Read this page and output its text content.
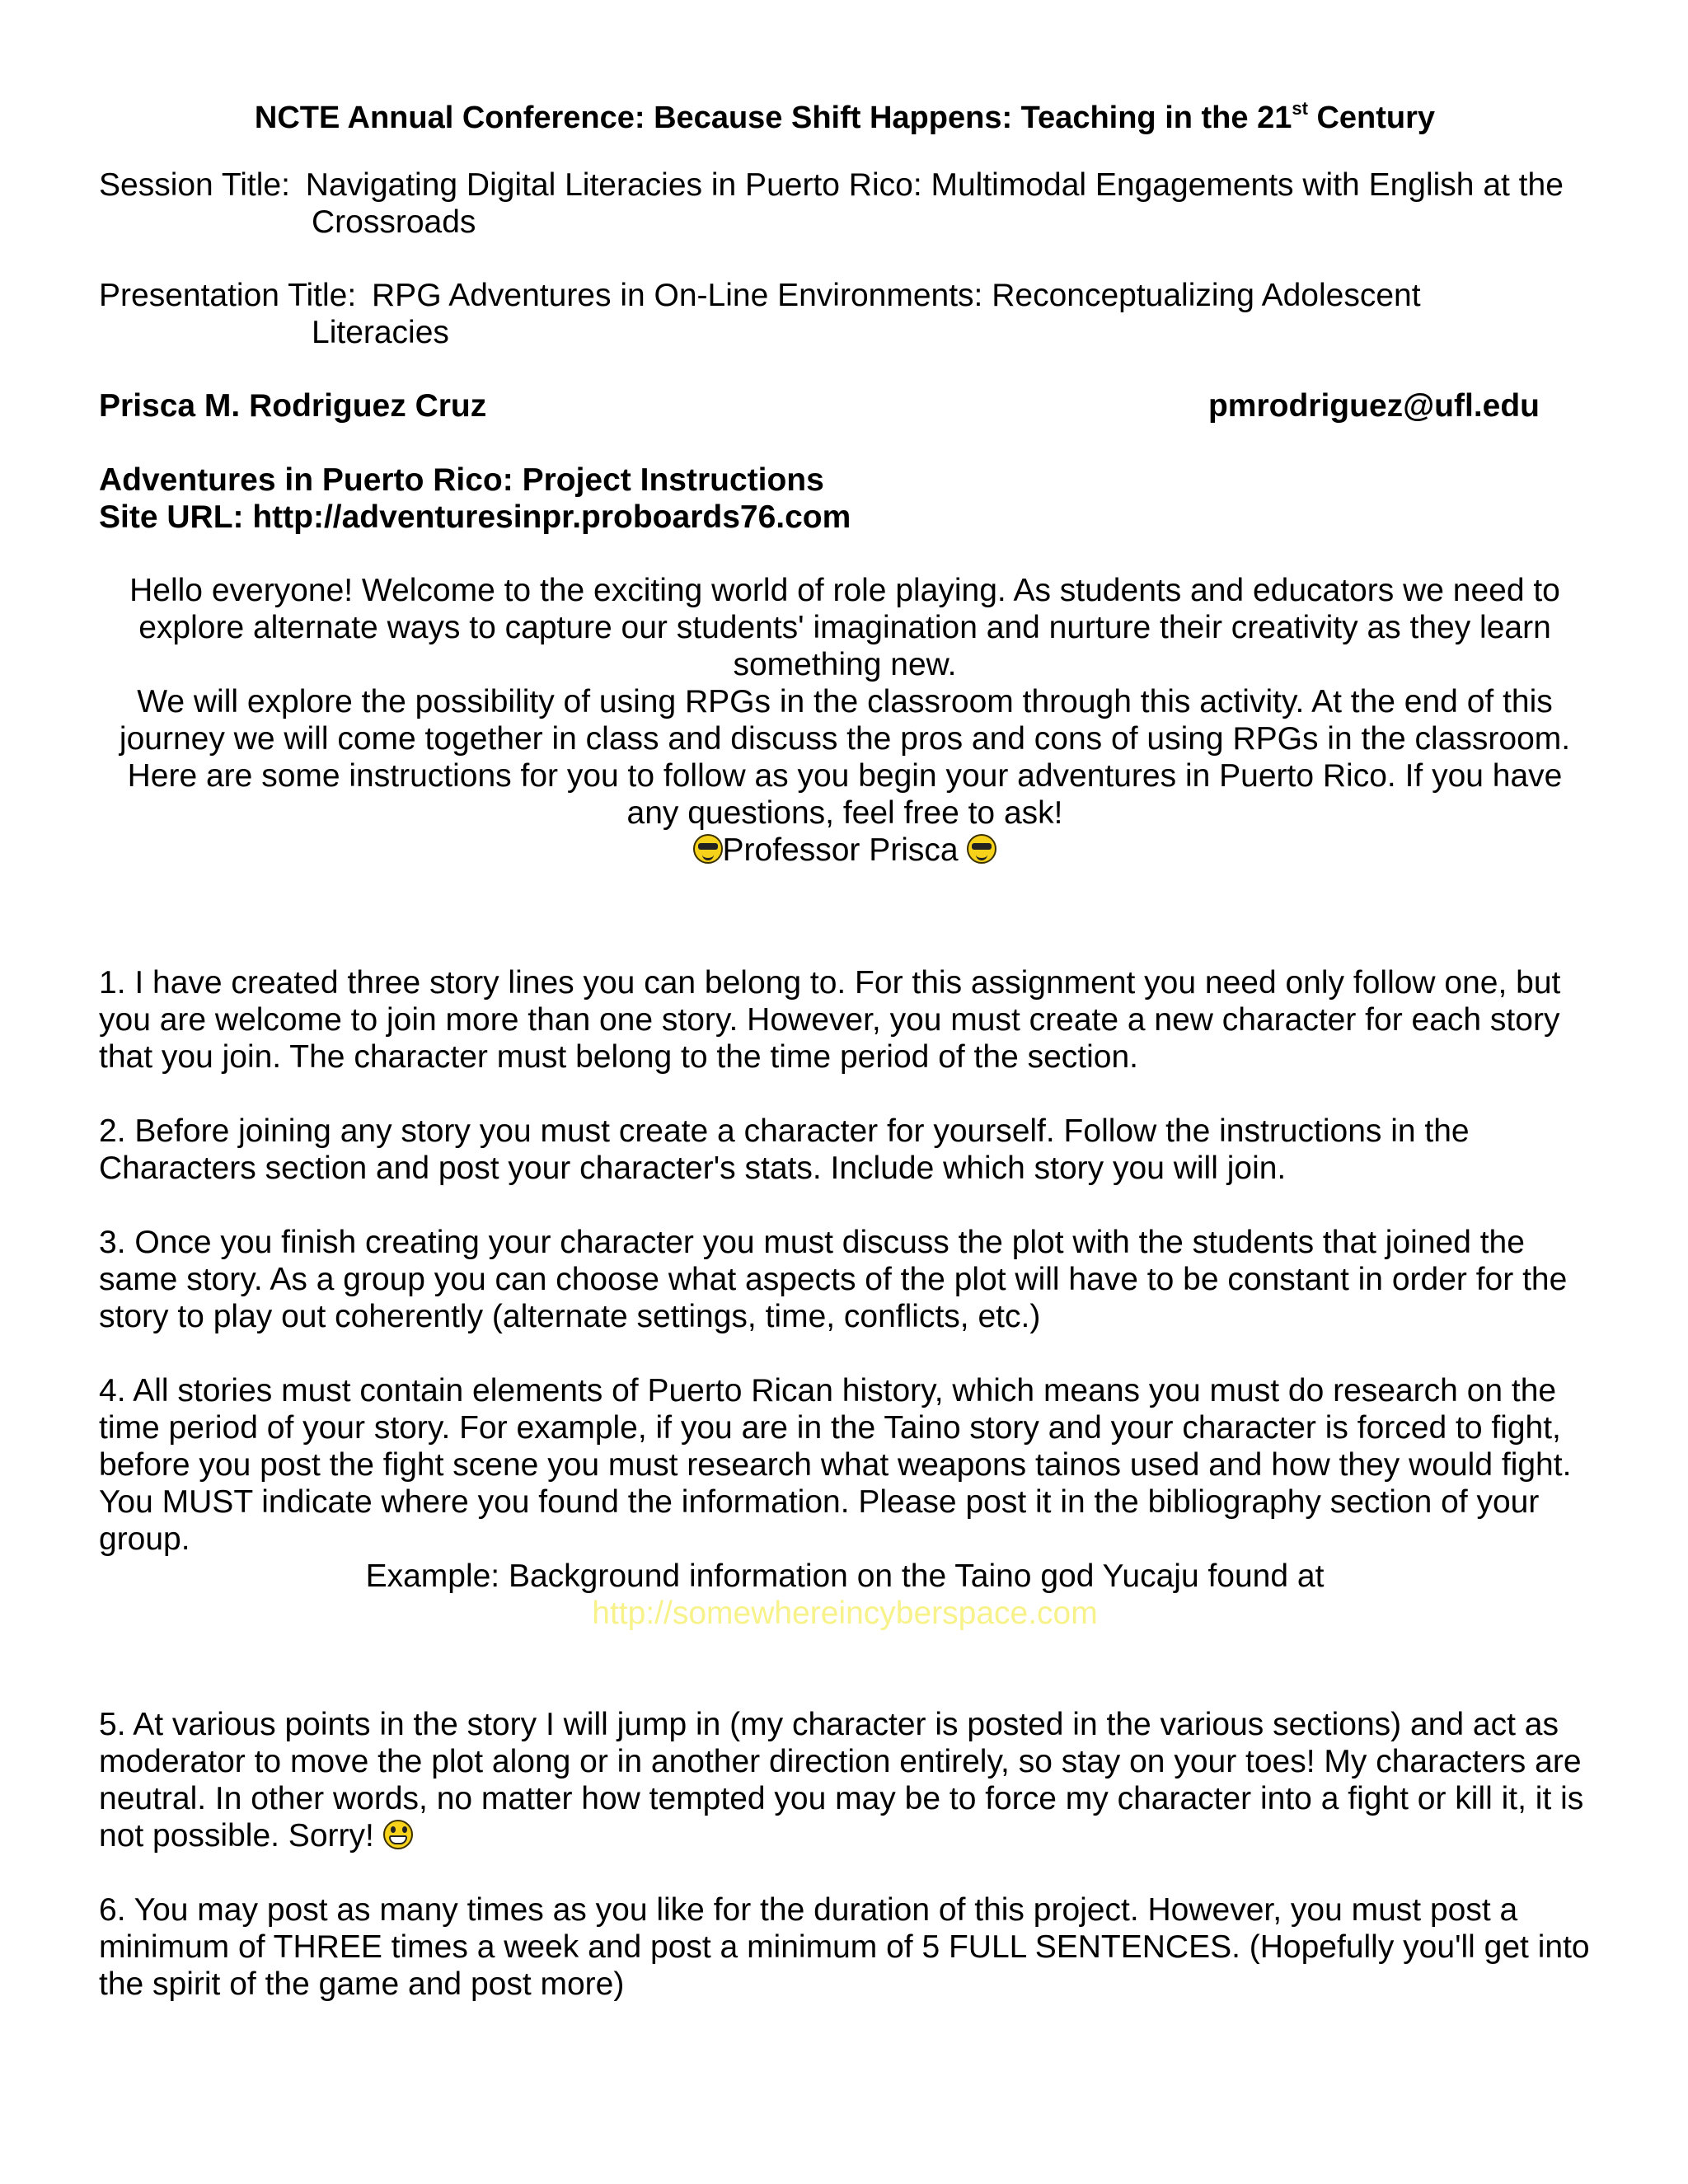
NCTE Annual Conference: Because Shift Happens: Teaching in the 21st Century
Session Title: Navigating Digital Literacies in Puerto Rico: Multimodal Engagements with English at the Crossroads
Presentation Title: RPG Adventures in On-Line Environments: Reconceptualizing Adolescent Literacies
Prisca M. Rodriguez Cruz	pmrodriguez@ufl.edu
Adventures in Puerto Rico: Project Instructions
Site URL: http://adventuresinpr.proboards76.com

Hello everyone! Welcome to the exciting world of role playing. As students and educators we need to explore alternate ways to capture our students' imagination and nurture their creativity as they learn something new.

We will explore the possibility of using RPGs in the classroom through this activity. At the end of this journey we will come together in class and discuss the pros and cons of using RPGs in the classroom.

Here are some instructions for you to follow as you begin your adventures in Puerto Rico. If you have any questions, feel free to ask!

Professor Prisca

1. I have created three story lines you can belong to. For this assignment you need only follow one, but you are welcome to join more than one story. However, you must create a new character for each story that you join. The character must belong to the time period of the section.

2. Before joining any story you must create a character for yourself. Follow the instructions in the Characters section and post your character's stats. Include which story you will join.

3. Once you finish creating your character you must discuss the plot with the students that joined the same story. As a group you can choose what aspects of the plot will have to be constant in order for the story to play out coherently (alternate settings, time, conflicts, etc.)

4. All stories must contain elements of Puerto Rican history, which means you must do research on the time period of your story. For example, if you are in the Taino story and your character is forced to fight, before you post the fight scene you must research what weapons tainos used and how they would fight. You MUST indicate where you found the information. Please post it in the bibliography section of your group.

Example: Background information on the Taino god Yucaju found at
http://somewhereincyberspace.com

5. At various points in the story I will jump in (my character is posted in the various sections) and act as moderator to move the plot along or in another direction entirely, so stay on your toes! My characters are neutral. In other words, no matter how tempted you may be to force my character into a fight or kill it, it is not possible. Sorry!

6. You may post as many times as you like for the duration of this project. However, you must post a minimum of THREE times a week and post a minimum of 5 FULL SENTENCES. (Hopefully you'll get into the spirit of the game and post more)
